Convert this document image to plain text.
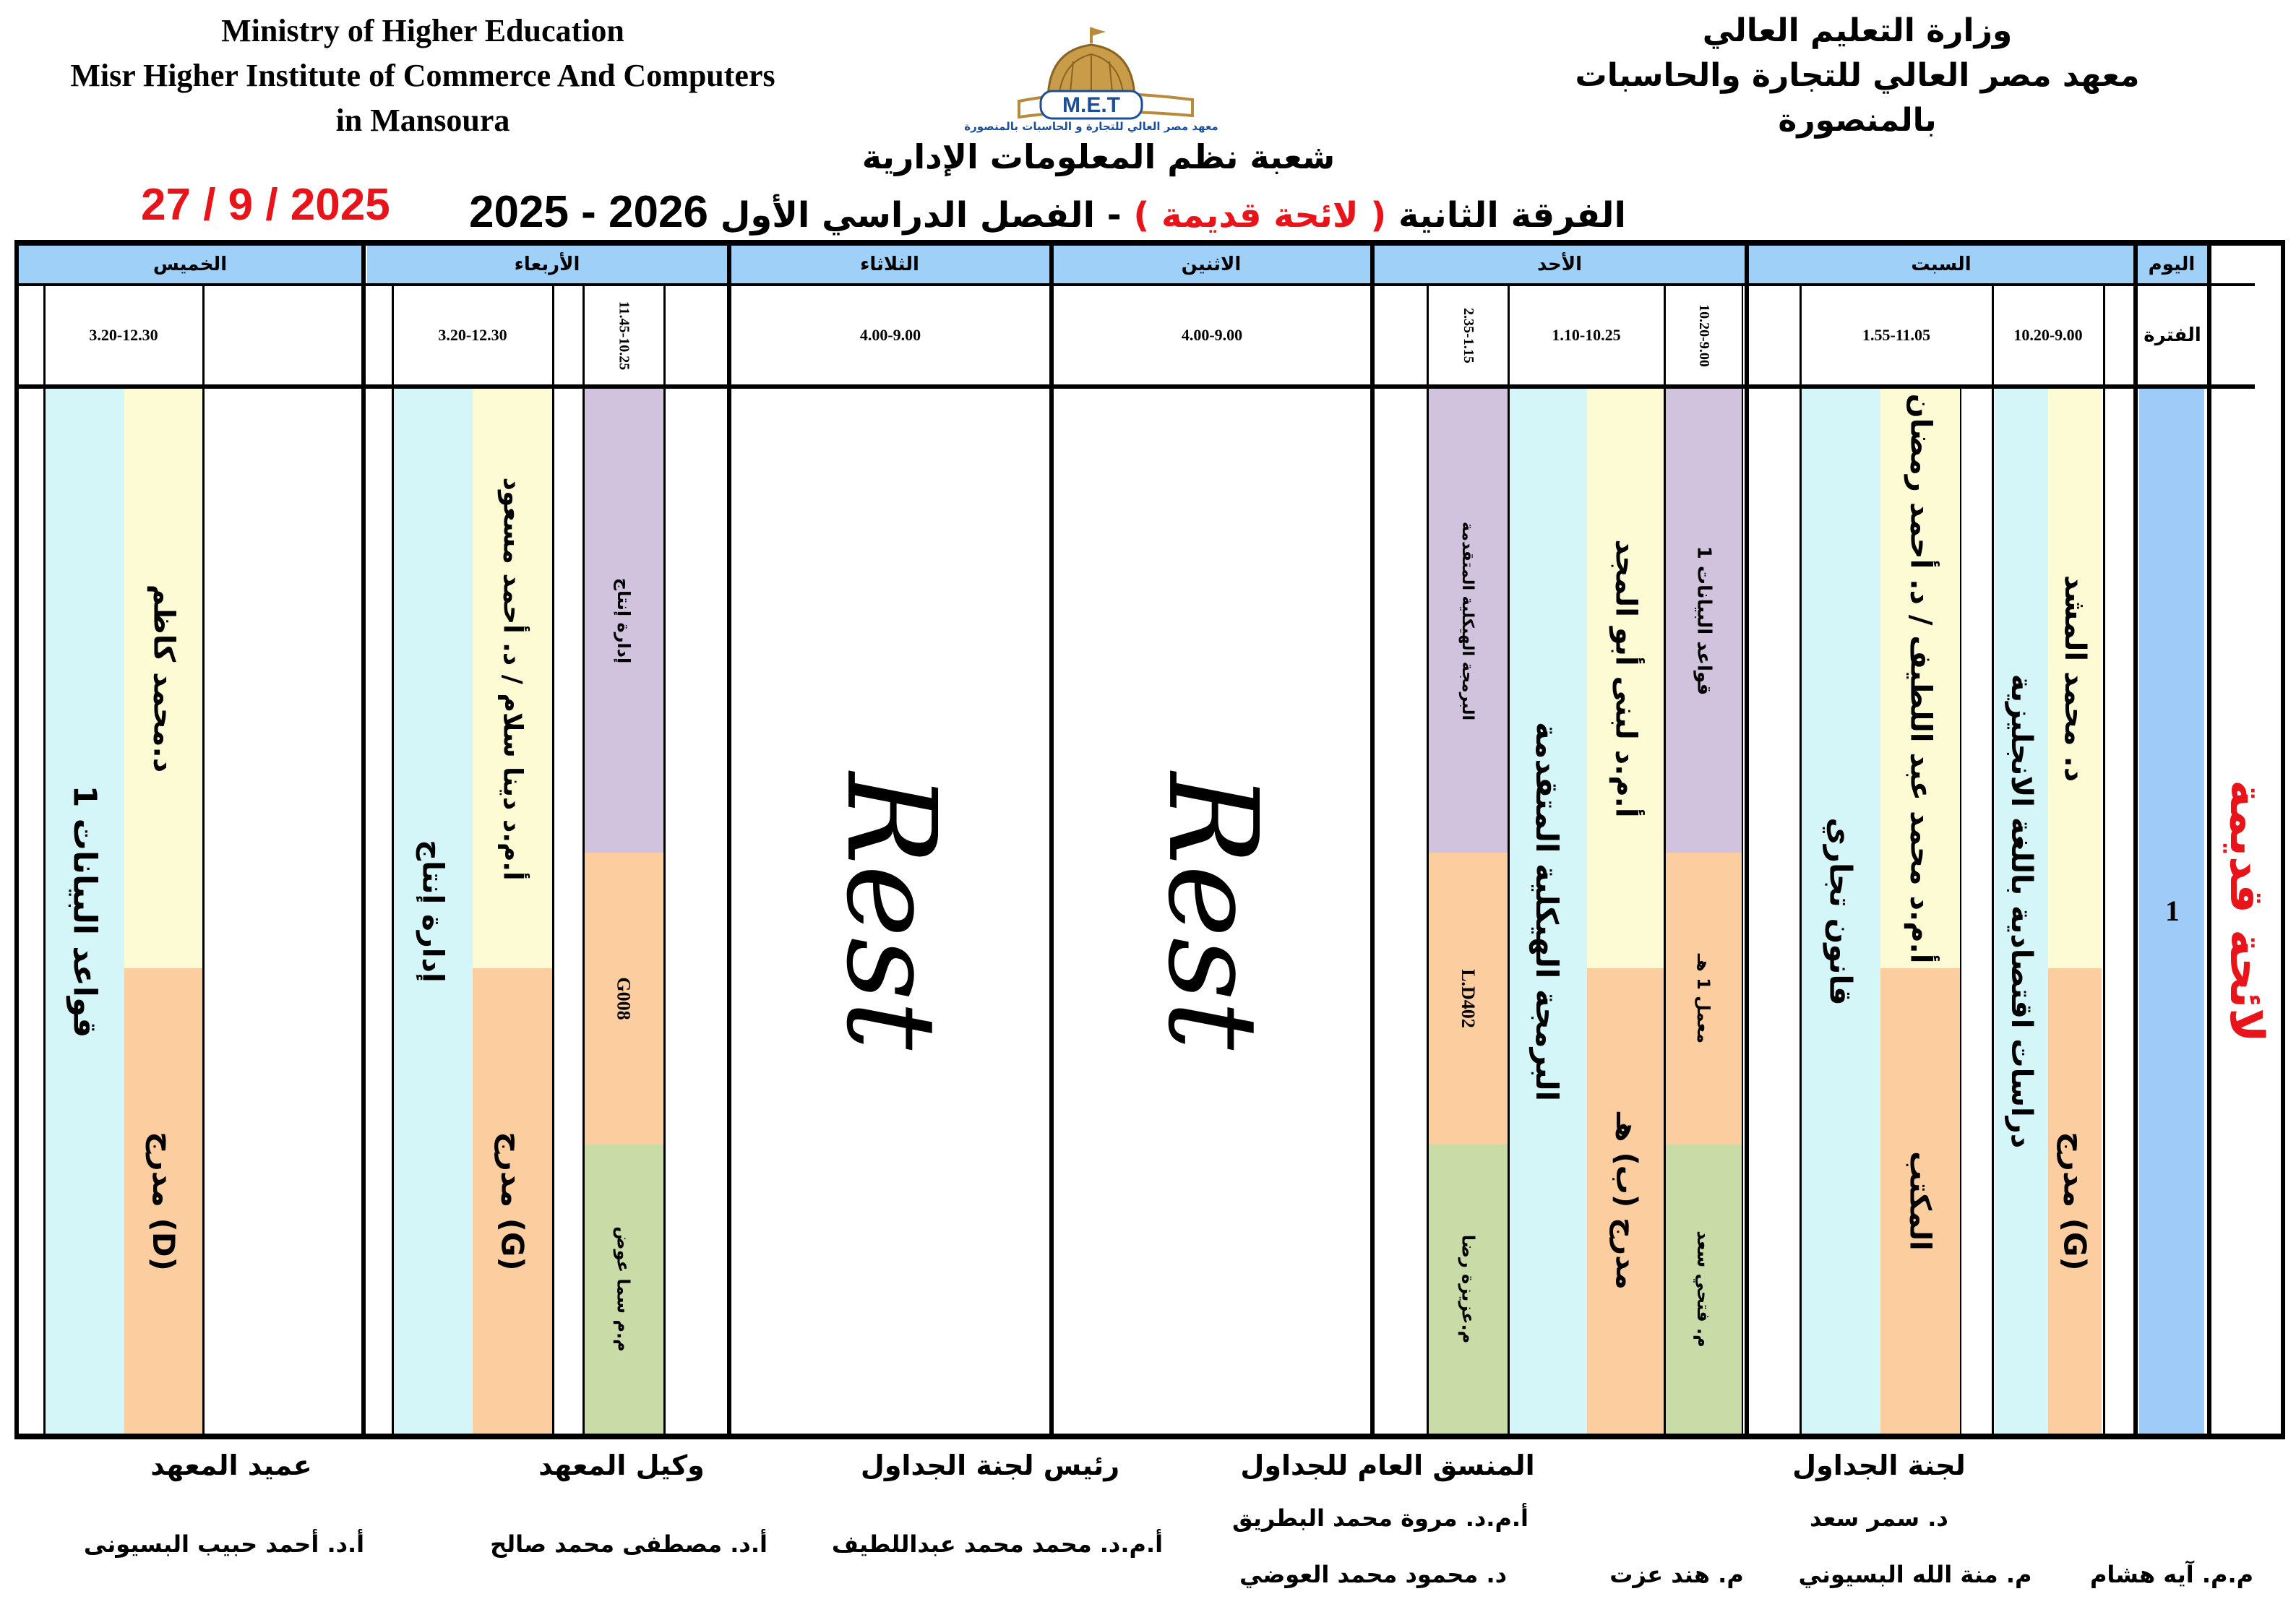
Ministry of Higher Education
Misr Higher Institute of Commerce And Computers
in Mansoura
وزارة التعليم العالي
معهد مصر العالي للتجارة والحاسبات
بالمنصورة
M.E.T
معهد مصر العالي للتجارة و الحاسبات بالمنصورة
شعبة نظم المعلومات الإدارية
الفرقة الثانية ( لائحة قديمة ) - الفصل الدراسي الأول 2025 - 2026
27 / 9 / 2025
السبت
الأحد
الاثنين
الثلاثاء
الأربعاء
الخميس	اليوم
الفترة
10.20-9.00
1.55-11.05
10.20-9.00
1.10-10.25
2.35-1.15
4.00-9.00
4.00-9.00
11.45-10.25
3.20-12.30
3.20-12.30
1 لائحة قديمة
د. محمد المشد
دراسات اقتصادية باللغة الانجليزية
مدرج (G)
أ.م.د محمد عبد اللطيف / د. أحمد رمضان
قانون تجاري
المكتب
قواعد البيانات 1
معمل 1 هـ
م. فتحي سعد
أ.م.د لبنى أبو المجد
مدرج (ب) هـ
البرمجة الهيكلية المتقدمة
البرمجة الهيكلية المتقدمة
L.D402
م.عزيزة رضا
Rest
Rest
إدارة إنتاج
G008
م.م سما عوض
أ.م.د دينا سلام / د. أحمد مسعود
مدرج (G)
إدارة إنتاج
د.محمد كاظم
مدرج (D)
قواعد البيانات 1
لجنة الجداول
د. سمر سعد
م.م. آيه هشام
م. منة الله البسيوني
م. هند عزت
المنسق العام للجداول
أ.م.د. مروة محمد البطريق
د. محمود محمد العوضي
رئيس لجنة الجداول
أ.م.د. محمد محمد عبداللطيف
وكيل المعهد
أ.د. مصطفى محمد صالح
عميد المعهد
أ.د. أحمد حبيب البسيونى
